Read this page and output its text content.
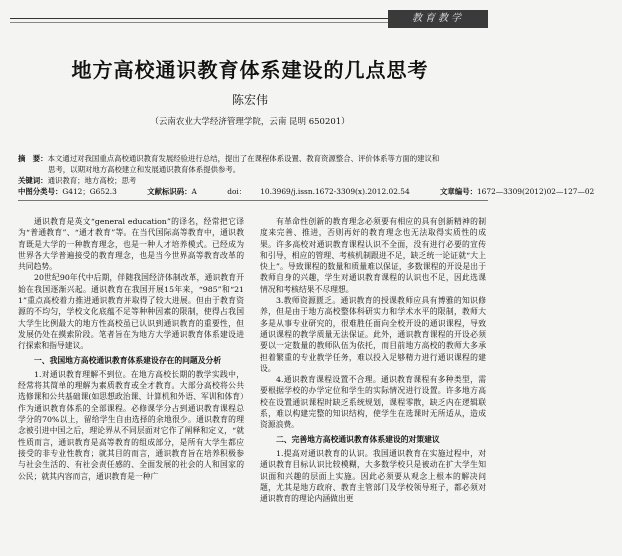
教育教学
地方高校通识教育体系建设的几点思考
陈宏伟
（云南农业大学经济管理学院，云南 昆明 650201）
摘　要：本文通过对我国重点高校通识教育发展经验进行总结，提出了在课程体系设置、教育资源整合、评价体系等方面的建议和
思考，以期对地方高校建立和发展通识教育体系提供参考。
关键词：通识教育；地方高校；思考
中图分类号：G412；G652.3	文献标识码：A	doi： 10.3969/j.issn.1672-3309(x).2012.02.54	文章编号：1672—3309(2012)02—127—02

通识教育是英文“general education”的译名，经常把它译为“普通教育”、“通才教育”等。在当代国际高等教育中，通识教育既是大学的一种教育理念，也是一种人才培养模式。已经成为世界各大学普遍接受的教育理念，也是当今世界高等教育改革的共同趋势。

20世纪90年代中后期，伴随我国经济体制改革，通识教育开始在我国逐渐兴起。通识教育在我国开展15年来，“985”和“211”重点高校着力推进通识教育并取得了较大进展。但由于教育资源的不均匀，学校文化底蕴不足等种种因素的限制，使得占我国大学生比例最大的地方性高校虽已认识到通识教育的重要性，但发展仍处在摸索阶段。笔者旨在为地方大学通识教育体系建设进行探索和指导建议。

一、我国地方高校通识教育体系建设存在的问题及分析

1.对通识教育理解不到位。在地方高校长期的教学实践中，经常将其简单的理解为素质教育或全才教育。大部分高校将公共选修课和公共基础课(如思想政治课、计算机和外语、军训和体育）作为通识教育体系的全部课程。必修课学分占到通识教育课程总学分的70%以上，留给学生自由选择的余地很少。通识教育的理念被引进中国之后，理论界从不同层面对它作了阐释和定义，“就性质而言，通识教育是高等教育的组成部分，是所有大学生都应接受的非专业性教育；就其目的而言，通识教育旨在培养积极参与社会生活的、有社会责任感的、全面发展的社会的人和国家的公民；就其内容而言，通识教育是一种广

有革命性创新的教育理念必须要有相应的具有创新精神的制度来完善、推进，否则再好的教育理念也无法取得实质性的成果。许多高校对通识教育课程认识不全面，没有进行必要的宣传和引导，相应的管理、考核机制跟进不足，缺乏统一论证就“大上快上”。导致课程的数量和质量难以保证，多数课程的开设是出于教师自身的兴趣，学生对通识教育课程的认识也不足，因此选课情况和考核结果不尽理想。

3.教师资源匮乏。通识教育的授课教师应具有博雅的知识修养，但是由于地方高校整体科研实力和学术水平的限制，教师大多是从事专业研究的，很难胜任面向全校开设的通识课程，导致通识课程的教学质量无法保证。此外，通识教育课程的开设必须要以一定数量的教师队伍为依托，而目前地方高校的教师大多承担着繁重的专业教学任务，难以投入足够精力进行通识课程的建设。

4.通识教育课程设置不合理。通识教育课程有多种类型，需要根据学校的办学定位和学生的实际情况进行设置。许多地方高校在设置通识课程时缺乏系统规划，课程零散，缺乏内在逻辑联系，难以构建完整的知识结构，使学生在选课时无所适从，造成资源浪费。

二、完善地方高校通识教育体系建设的对策建议

1.提高对通识教育的认识。我国通识教育在实施过程中，对通识教育目标认识比较模糊，大多数学校只是被动在扩大学生知识面和兴趣的层面上实施。因此必须要从观念上根本的解决问题，尤其是地方政府、教育主管部门及学校领导班子，都必须对通识教育的理论内涵做出更
